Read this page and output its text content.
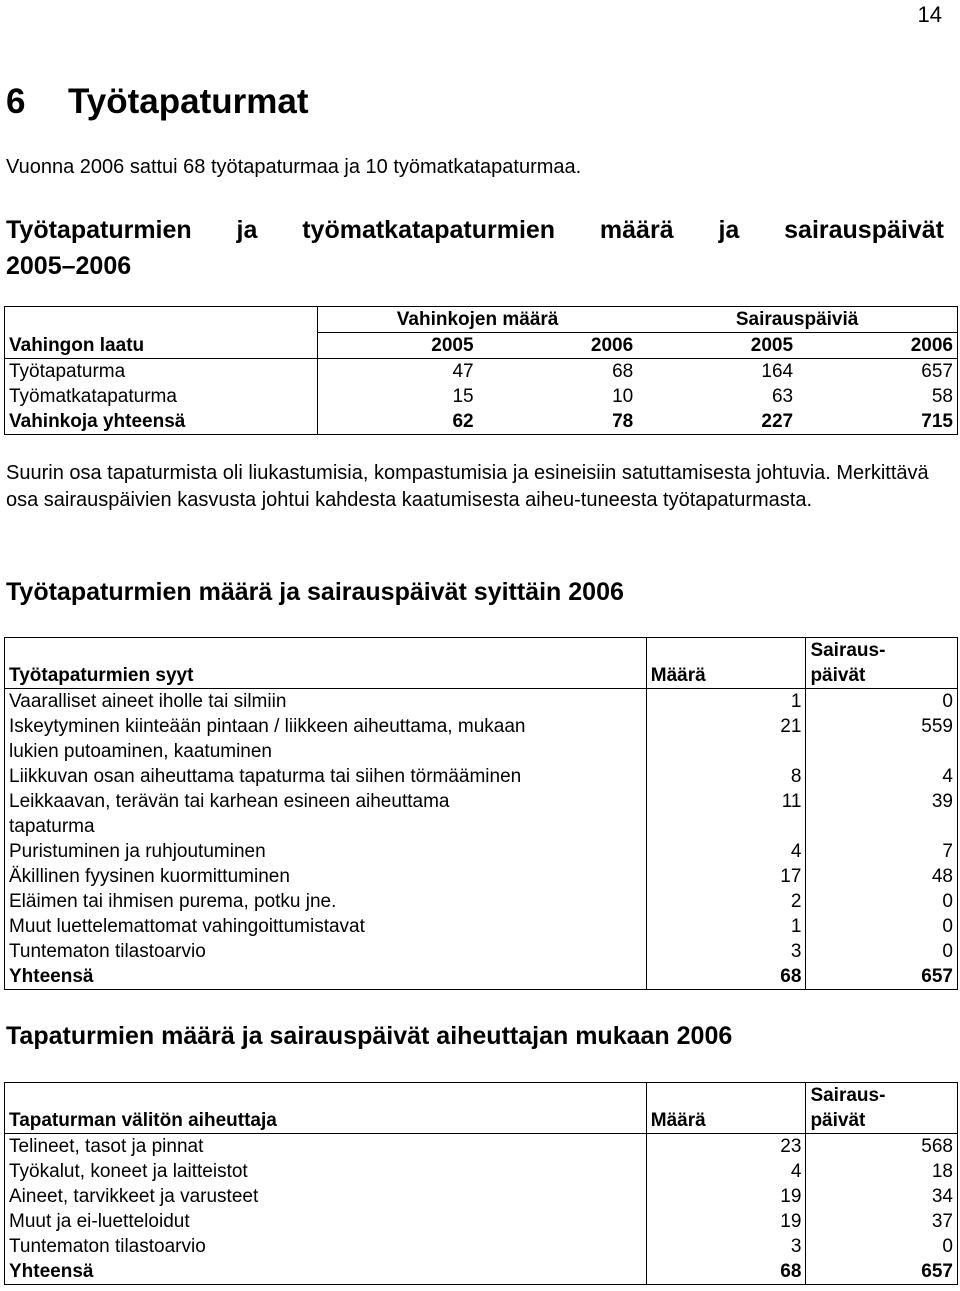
14
6 Työtapaturmat

Vuonna 2006 sattui 68 työtapaturmaa ja 10 työmatkatapaturmaa.

Työtapaturmien ja työmatkatapaturmien määrä ja sairauspäivät
2005–2006
	Vahinkojen määrä		Sairauspäiviä	
Vahingon laatu	2005	2006	2005	2006
Työtapaturma	47	68	164	657
Työmatkatapaturma	15	10	63	58
Vahinkoja yhteensä	62	78	227	715

Suurin osa tapaturmista oli liukastumisia, kompastumisia ja esineisiin satuttamisesta johtuvia. Merkittävä osa sairauspäivien kasvusta johtui kahdesta kaatumisesta aiheu-tuneesta työtapaturmasta.

Työtapaturmien määrä ja sairauspäivät syittäin 2006
Työtapaturmien syyt	Määrä	Sairaus-
päivät
Vaaralliset aineet iholle tai silmiin	1	0
Iskeytyminen kiinteään pintaan / liikkeen aiheuttama, mukaan
lukien putoaminen, kaatuminen	21	559
Liikkuvan osan aiheuttama tapaturma tai siihen törmääminen	8	4
Leikkaavan, terävän tai karhean esineen aiheuttama
tapaturma	11	39
Puristuminen ja ruhjoutuminen	4	7
Äkillinen fyysinen kuormittuminen	17	48
Eläimen tai ihmisen purema, potku jne.	2	0
Muut luettelemattomat vahingoittumistavat	1	0
Tuntematon tilastoarvio	3	0
Yhteensä	68	657
Tapaturmien määrä ja sairauspäivät aiheuttajan mukaan 2006
Tapaturman välitön aiheuttaja	Määrä	Sairaus-
päivät
Telineet, tasot ja pinnat	23	568
Työkalut, koneet ja laitteistot	4	18
Aineet, tarvikkeet ja varusteet	19	34
Muut ja ei-luetteloidut	19	37
Tuntematon tilastoarvio	3	0
Yhteensä	68	657
